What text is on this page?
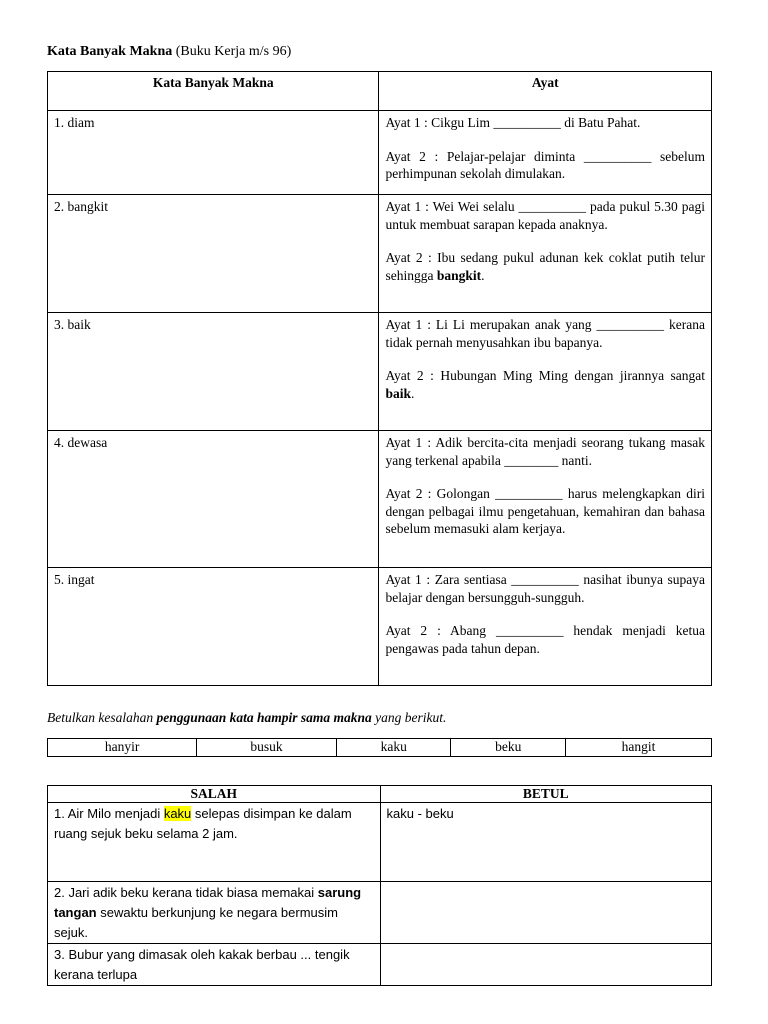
Kata Banyak Makna (Buku Kerja m/s 96)
Kata Banyak Makna	Ayat
1. diam	Ayat 1 : Cikgu Lim __________ di Batu Pahat.
Ayat 2 : Pelajar-pelajar diminta __________ sebelum perhimpunan sekolah dimulakan.

2. bangkit	Ayat 1 : Wei Wei selalu __________ pada pukul 5.30 pagi untuk membuat sarapan kepada anaknya.
Ayat 2 : Ibu sedang pukul adunan kek coklat putih telur sehingga bangkit.

3. baik	Ayat 1 : Li Li merupakan anak yang __________ kerana tidak pernah menyusahkan ibu bapanya.
Ayat 2 : Hubungan Ming Ming dengan jirannya sangat baik.

4. dewasa	Ayat 1 : Adik bercita-cita menjadi seorang tukang masak yang terkenal apabila ________ nanti.
Ayat 2 : Golongan __________ harus melengkapkan diri dengan pelbagai ilmu pengetahuan, kemahiran dan bahasa sebelum memasuki alam kerjaya.

5. ingat	Ayat 1 : Zara sentiasa __________ nasihat ibunya supaya belajar dengan bersungguh-sungguh.
Ayat 2 : Abang __________ hendak menjadi ketua pengawas pada tahun depan.
Betulkan kesalahan penggunaan kata hampir sama makna yang berikut.
hanyir	busuk	kaku	beku	hangit
SALAH	BETUL
1. Air Milo menjadi kaku selepas disimpan ke dalam ruang sejuk beku selama 2 jam.	kaku - beku
2. Jari adik beku kerana tidak biasa memakai sarung tangan sewaktu berkunjung ke negara bermusim sejuk.	
3. Bubur yang dimasak oleh kakak berbau ... tengik kerana terlupa	
